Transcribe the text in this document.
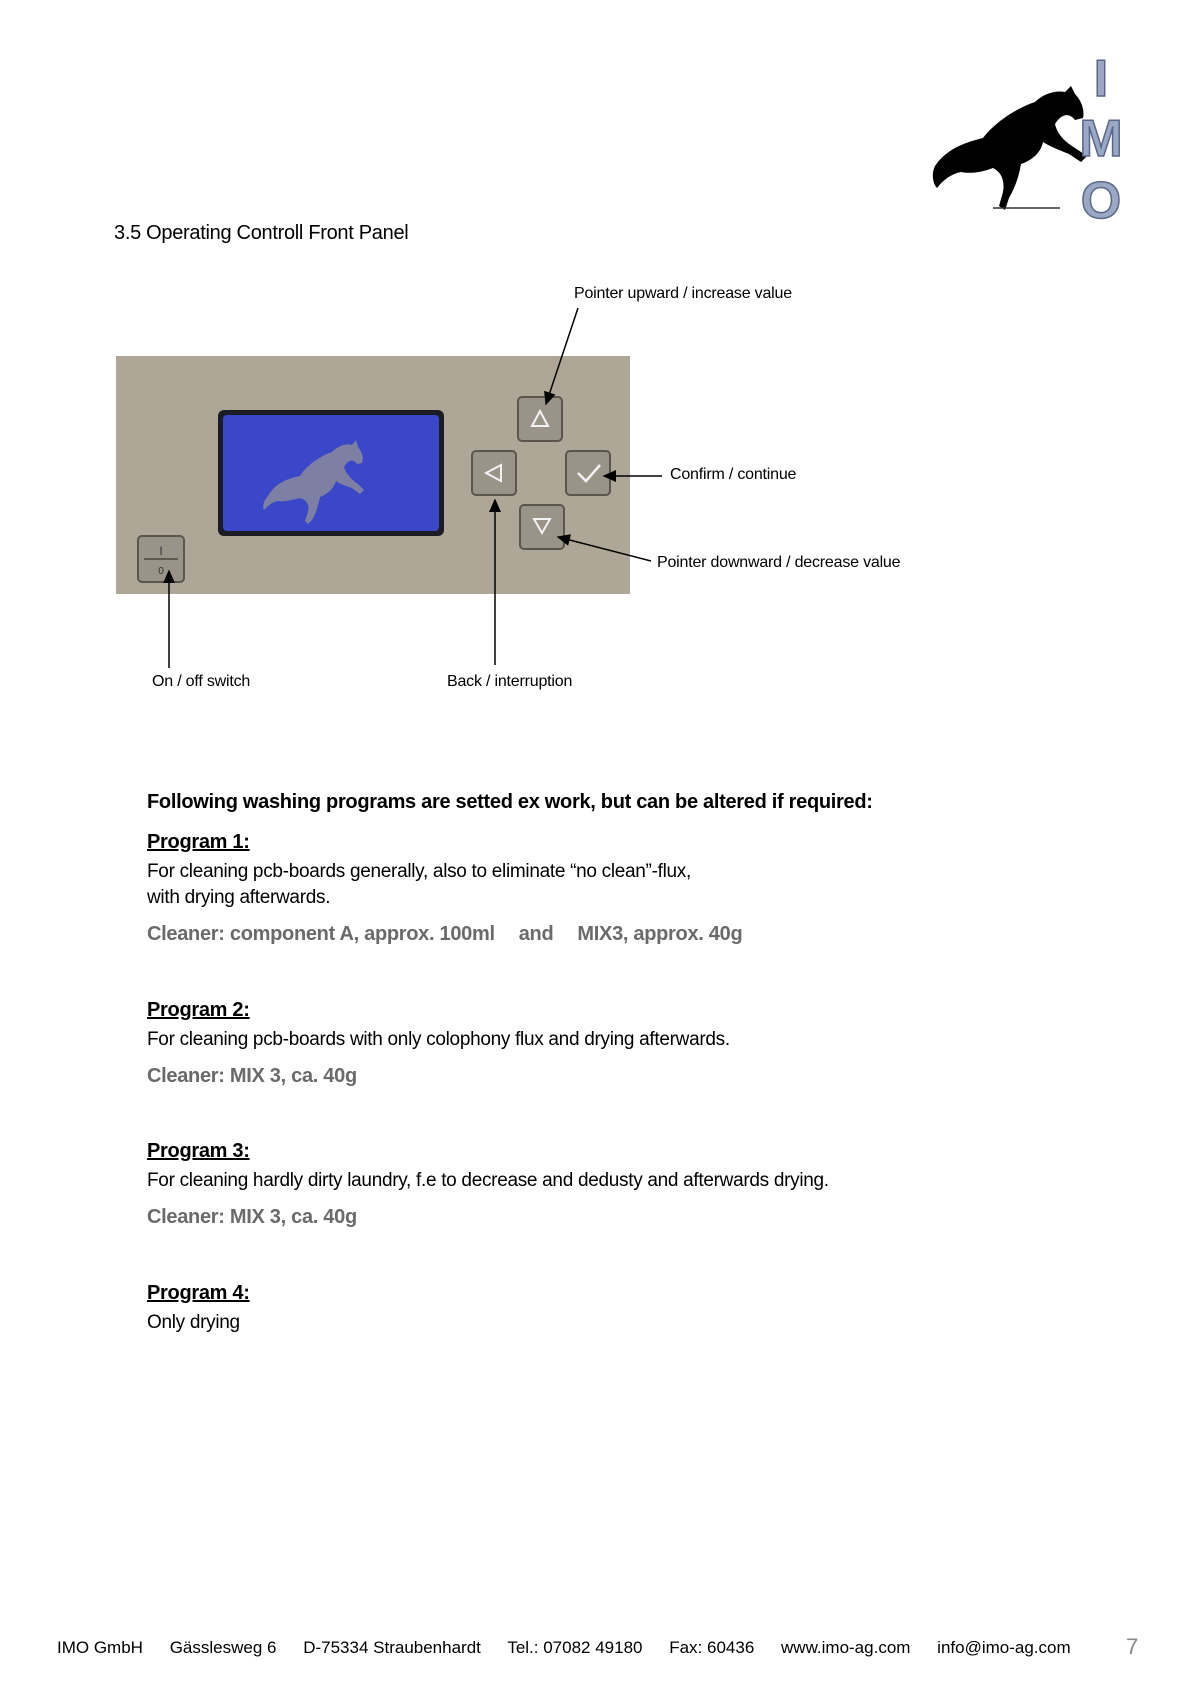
I
M
O
3.5 Operating Controll Front Panel
I
0
Pointer upward / increase value
Confirm / continue
Pointer downward / decrease value
On / off switch	Back / interruption
Following washing programs are setted ex work, but can be altered if required:
Program 1:
For cleaning pcb-boards generally, also to eliminate “no clean”-flux,
with drying afterwards.
Cleaner: component A, approx. 100ml and MIX3, approx. 40g
Program 2:
For cleaning pcb-boards with only colophony flux and drying afterwards.
Cleaner: MIX 3, ca. 40g
Program 3:
For cleaning hardly dirty laundry, f.e to decrease and dedusty and afterwards drying.
Cleaner: MIX 3, ca. 40g
Program 4:
Only drying
IMO GmbH Gässlesweg 6 D-75334 Straubenhardt Tel.: 07082 49180 Fax: 60436 www.imo-ag.com info@imo-ag.com	7
